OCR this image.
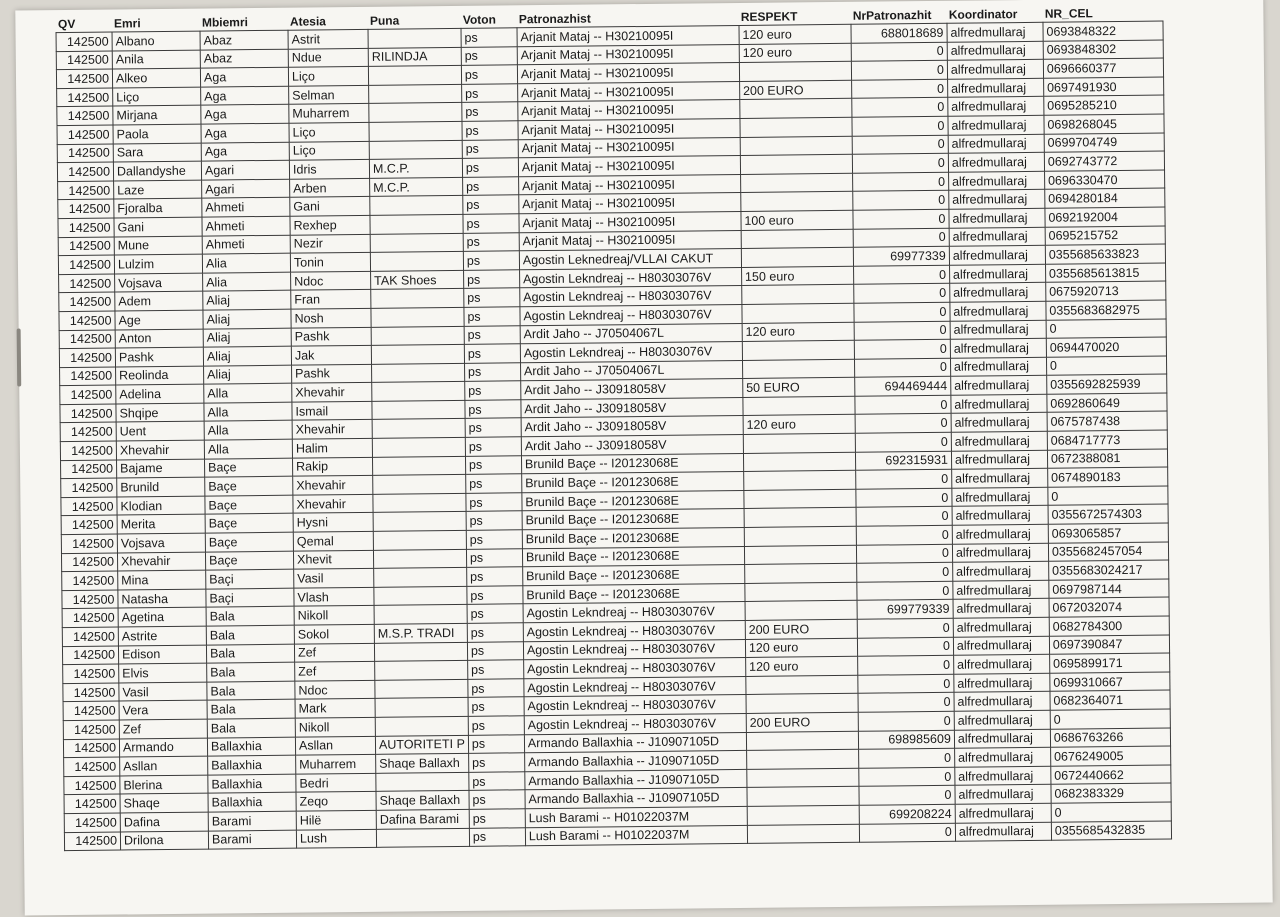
QV	Emri	Mbiemri	Atesia	Puna	Voton	Patronazhist	RESPEKT	NrPatronazhit	Koordinator	NR_CEL
142500	Albano	Abaz	Astrit		ps	Arjanit Mataj -- H30210095I	120 euro	688018689	alfredmullaraj	0693848322
142500	Anila	Abaz	Ndue	RILINDJA	ps	Arjanit Mataj -- H30210095I	120 euro	0	alfredmullaraj	0693848302
142500	Alkeo	Aga	Liço		ps	Arjanit Mataj -- H30210095I		0	alfredmullaraj	0696660377
142500	Liço	Aga	Selman		ps	Arjanit Mataj -- H30210095I	200 EURO	0	alfredmullaraj	0697491930
142500	Mirjana	Aga	Muharrem		ps	Arjanit Mataj -- H30210095I		0	alfredmullaraj	0695285210
142500	Paola	Aga	Liço		ps	Arjanit Mataj -- H30210095I		0	alfredmullaraj	0698268045
142500	Sara	Aga	Liço		ps	Arjanit Mataj -- H30210095I		0	alfredmullaraj	0699704749
142500	Dallandyshe	Agari	Idris	M.C.P.	ps	Arjanit Mataj -- H30210095I		0	alfredmullaraj	0692743772
142500	Laze	Agari	Arben	M.C.P.	ps	Arjanit Mataj -- H30210095I		0	alfredmullaraj	0696330470
142500	Fjoralba	Ahmeti	Gani		ps	Arjanit Mataj -- H30210095I		0	alfredmullaraj	0694280184
142500	Gani	Ahmeti	Rexhep		ps	Arjanit Mataj -- H30210095I	100 euro	0	alfredmullaraj	0692192004
142500	Mune	Ahmeti	Nezir		ps	Arjanit Mataj -- H30210095I		0	alfredmullaraj	0695215752
142500	Lulzim	Alia	Tonin		ps	Agostin Leknedreaj/VLLAI CAKUT		69977339	alfredmullaraj	0355685633823
142500	Vojsava	Alia	Ndoc	TAK Shoes	ps	Agostin Lekndreaj -- H80303076V	150 euro	0	alfredmullaraj	0355685613815
142500	Adem	Aliaj	Fran		ps	Agostin Lekndreaj -- H80303076V		0	alfredmullaraj	0675920713
142500	Age	Aliaj	Nosh		ps	Agostin Lekndreaj -- H80303076V		0	alfredmullaraj	0355683682975
142500	Anton	Aliaj	Pashk		ps	Ardit Jaho -- J70504067L	120 euro	0	alfredmullaraj	0
142500	Pashk	Aliaj	Jak		ps	Agostin Lekndreaj -- H80303076V		0	alfredmullaraj	0694470020
142500	Reolinda	Aliaj	Pashk		ps	Ardit Jaho -- J70504067L		0	alfredmullaraj	0
142500	Adelina	Alla	Xhevahir		ps	Ardit Jaho -- J30918058V	50 EURO	694469444	alfredmullaraj	0355692825939
142500	Shqipe	Alla	Ismail		ps	Ardit Jaho -- J30918058V		0	alfredmullaraj	0692860649
142500	Uent	Alla	Xhevahir		ps	Ardit Jaho -- J30918058V	120 euro	0	alfredmullaraj	0675787438
142500	Xhevahir	Alla	Halim		ps	Ardit Jaho -- J30918058V		0	alfredmullaraj	0684717773
142500	Bajame	Baçe	Rakip		ps	Brunild Baçe -- I20123068E		692315931	alfredmullaraj	0672388081
142500	Brunild	Baçe	Xhevahir		ps	Brunild Baçe -- I20123068E		0	alfredmullaraj	0674890183
142500	Klodian	Baçe	Xhevahir		ps	Brunild Baçe -- I20123068E		0	alfredmullaraj	0
142500	Merita	Baçe	Hysni		ps	Brunild Baçe -- I20123068E		0	alfredmullaraj	0355672574303
142500	Vojsava	Baçe	Qemal		ps	Brunild Baçe -- I20123068E		0	alfredmullaraj	0693065857
142500	Xhevahir	Baçe	Xhevit		ps	Brunild Baçe -- I20123068E		0	alfredmullaraj	0355682457054
142500	Mina	Baçi	Vasil		ps	Brunild Baçe -- I20123068E		0	alfredmullaraj	0355683024217
142500	Natasha	Baçi	Vlash		ps	Brunild Baçe -- I20123068E		0	alfredmullaraj	0697987144
142500	Agetina	Bala	Nikoll		ps	Agostin Lekndreaj -- H80303076V		699779339	alfredmullaraj	0672032074
142500	Astrite	Bala	Sokol	M.S.P. TRADI	ps	Agostin Lekndreaj -- H80303076V	200 EURO	0	alfredmullaraj	0682784300
142500	Edison	Bala	Zef		ps	Agostin Lekndreaj -- H80303076V	120 euro	0	alfredmullaraj	0697390847
142500	Elvis	Bala	Zef		ps	Agostin Lekndreaj -- H80303076V	120 euro	0	alfredmullaraj	0695899171
142500	Vasil	Bala	Ndoc		ps	Agostin Lekndreaj -- H80303076V		0	alfredmullaraj	0699310667
142500	Vera	Bala	Mark		ps	Agostin Lekndreaj -- H80303076V		0	alfredmullaraj	0682364071
142500	Zef	Bala	Nikoll		ps	Agostin Lekndreaj -- H80303076V	200 EURO	0	alfredmullaraj	0
142500	Armando	Ballaxhia	Asllan	AUTORITETI P	ps	Armando Ballaxhia -- J10907105D		698985609	alfredmullaraj	0686763266
142500	Asllan	Ballaxhia	Muharrem	Shaqe Ballaxh	ps	Armando Ballaxhia -- J10907105D		0	alfredmullaraj	0676249005
142500	Blerina	Ballaxhia	Bedri		ps	Armando Ballaxhia -- J10907105D		0	alfredmullaraj	0672440662
142500	Shaqe	Ballaxhia	Zeqo	Shaqe Ballaxh	ps	Armando Ballaxhia -- J10907105D		0	alfredmullaraj	0682383329
142500	Dafina	Barami	Hilë	Dafina Barami	ps	Lush Barami -- H01022037M		699208224	alfredmullaraj	0
142500	Drilona	Barami	Lush		ps	Lush Barami -- H01022037M		0	alfredmullaraj	0355685432835
